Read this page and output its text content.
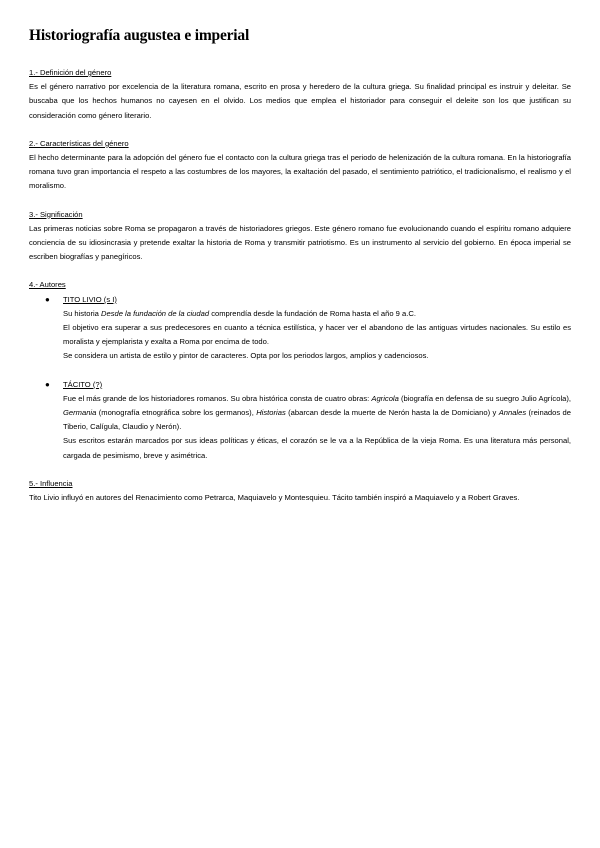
Historiografía augustea e imperial
1.- Definición del género
Es el género narrativo por excelencia de la literatura romana, escrito en prosa y heredero de la cultura griega. Su finalidad principal es instruir y deleitar. Se buscaba que los hechos humanos no cayesen en el olvido. Los medios que emplea el historiador para conseguir el deleite son los que justifican su consideración como género literario.
2.- Características del género
El hecho determinante para la adopción del género fue el contacto con la cultura griega tras el periodo de helenización de la cultura romana. En la historiografía romana tuvo gran importancia el respeto a las costumbres de los mayores, la exaltación del pasado, el sentimiento patriótico, el tradicionalismo, el realismo y el moralismo.
3.- Significación
Las primeras noticias sobre Roma se propagaron a través de historiadores griegos. Este género romano fue evolucionando cuando el espíritu romano adquiere conciencia de su idiosincrasia y pretende exaltar la historia de Roma y transmitir patriotismo. Es un instrumento al servicio del gobierno. En época imperial se escriben biografías y panegíricos.
4.- Autores
● TITO LIVIO (s I)

Su historia Desde la fundación de la ciudad comprendía desde la fundación de Roma hasta el año 9 a.C.

El objetivo era superar a sus predecesores en cuanto a técnica estilística, y hacer ver el abandono de las antiguas virtudes nacionales. Su estilo es moralista y ejemplarista y exalta a Roma por encima de todo.

Se considera un artista de estilo y pintor de caracteres. Opta por los periodos largos, amplios y cadenciosos.

● TÁCITO (?)

Fue el más grande de los historiadores romanos. Su obra histórica consta de cuatro obras: Agricola (biografía en defensa de su suegro Julio Agrícola), Germania (monografía etnográfica sobre los germanos), Historias (abarcan desde la muerte de Nerón hasta la de Domiciano) y Annales (reinados de Tiberio, Calígula, Claudio y Nerón).

Sus escritos estarán marcados por sus ideas políticas y éticas, el corazón se le va a la República de la vieja Roma. Es una literatura más personal, cargada de pesimismo, breve y asimétrica.

5.- Influencia
Tito Livio influyó en autores del Renacimiento como Petrarca, Maquiavelo y Montesquieu. Tácito también inspiró a Maquiavelo y a Robert Graves.
